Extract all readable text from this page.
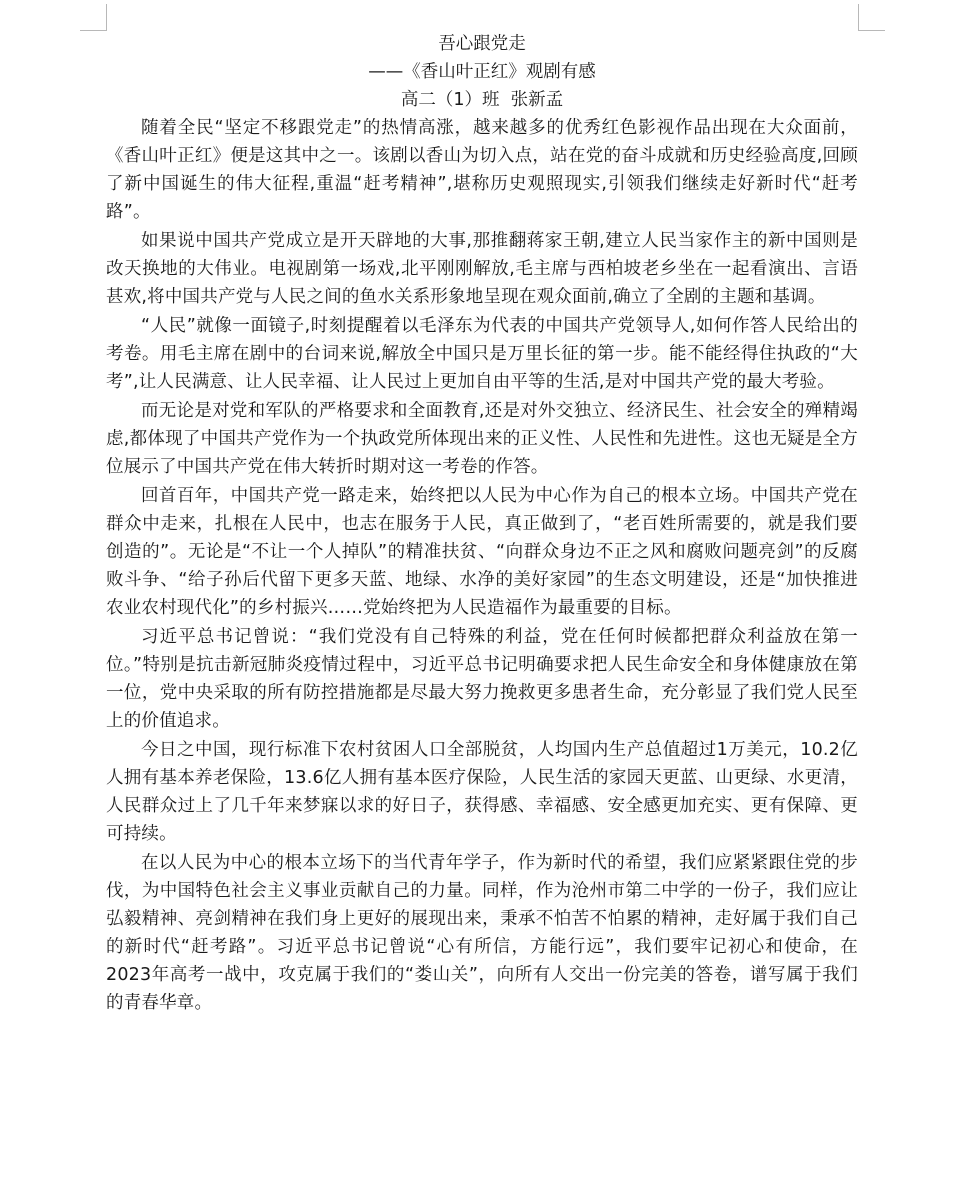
吾心跟党走
——《香山叶正红》观剧有感
高二（1）班  张新孟

随着全民“坚定不移跟党走”的热情高涨，越来越多的优秀红色影视作品出现在大众面前，《香山叶正红》便是这其中之一。该剧以香山为切入点，站在党的奋斗成就和历史经验高度,回顾了新中国诞生的伟大征程,重温“赶考精神”,堪称历史观照现实,引领我们继续走好新时代“赶考路”。

如果说中国共产党成立是开天辟地的大事,那推翻蒋家王朝,建立人民当家作主的新中国则是改天换地的大伟业。电视剧第一场戏,北平刚刚解放,毛主席与西柏坡老乡坐在一起看演出、言语甚欢,将中国共产党与人民之间的鱼水关系形象地呈现在观众面前,确立了全剧的主题和基调。

“人民”就像一面镜子,时刻提醒着以毛泽东为代表的中国共产党领导人,如何作答人民给出的考卷。用毛主席在剧中的台词来说,解放全中国只是万里长征的第一步。能不能经得住执政的“大考”,让人民满意、让人民幸福、让人民过上更加自由平等的生活,是对中国共产党的最大考验。

而无论是对党和军队的严格要求和全面教育,还是对外交独立、经济民生、社会安全的殚精竭虑,都体现了中国共产党作为一个执政党所体现出来的正义性、人民性和先进性。这也无疑是全方位展示了中国共产党在伟大转折时期对这一考卷的作答。

回首百年，中国共产党一路走来，始终把以人民为中心作为自己的根本立场。中国共产党在群众中走来，扎根在人民中，也志在服务于人民，真正做到了，“老百姓所需要的，就是我们要创造的”。无论是“不让一个人掉队”的精准扶贫、“向群众身边不正之风和腐败问题亮剑”的反腐败斗争、“给子孙后代留下更多天蓝、地绿、水净的美好家园”的生态文明建设，还是“加快推进农业农村现代化”的乡村振兴……党始终把为人民造福作为最重要的目标。

习近平总书记曾说：“我们党没有自己特殊的利益，党在任何时候都把群众利益放在第一位。”特别是抗击新冠肺炎疫情过程中，习近平总书记明确要求把人民生命安全和身体健康放在第一位，党中央采取的所有防控措施都是尽最大努力挽救更多患者生命，充分彰显了我们党人民至上的价值追求。

今日之中国，现行标准下农村贫困人口全部脱贫，人均国内生产总值超过1万美元，10.2亿人拥有基本养老保险，13.6亿人拥有基本医疗保险，人民生活的家园天更蓝、山更绿、水更清，人民群众过上了几千年来梦寐以求的好日子，获得感、幸福感、安全感更加充实、更有保障、更可持续。

在以人民为中心的根本立场下的当代青年学子，作为新时代的希望，我们应紧紧跟住党的步伐，为中国特色社会主义事业贡献自己的力量。同样，作为沧州市第二中学的一份子，我们应让弘毅精神、亮剑精神在我们身上更好的展现出来，秉承不怕苦不怕累的精神，走好属于我们自己的新时代“赶考路”。习近平总书记曾说“心有所信，方能行远”，我们要牢记初心和使命，在2023年高考一战中，攻克属于我们的“娄山关”，向所有人交出一份完美的答卷，谱写属于我们的青春华章。
